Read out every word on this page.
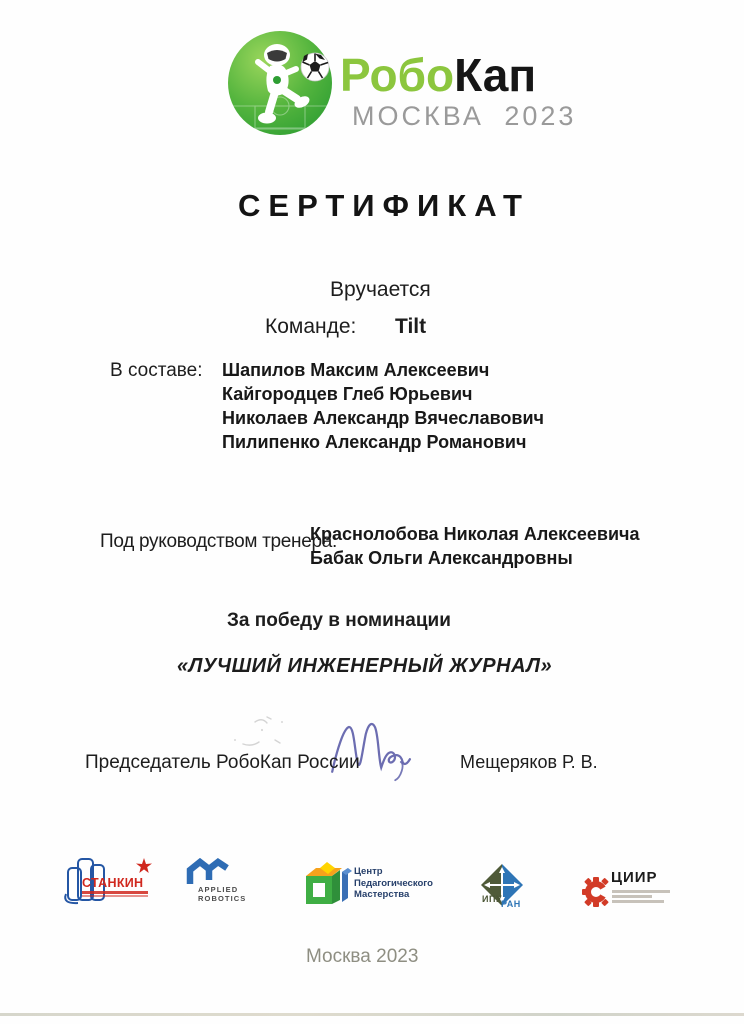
РобоКап
МОСКВА 2023
СЕРТИФИКАТ
Вручается
Команде: Tilt
В составе: Шапилов Максим Алексеевич
Кайгородцев Глеб Юрьевич
Николаев Александр Вячеславович
Пилипенко Александр Романович
Под руководством тренера:
Краснолобова Николая Алексеевича
Бабак Ольги Александровны
За победу в номинации
«ЛУЧШИЙ ИНЖЕНЕРНЫЙ ЖУРНАЛ»
Председатель РобоКап России	Мещеряков Р. В.
СТАНКИН	APPLIED
ROBOTICS
Центр
Педагогического
Мастерства	ИПУ
РАН
ЦИИР
Москва 2023
